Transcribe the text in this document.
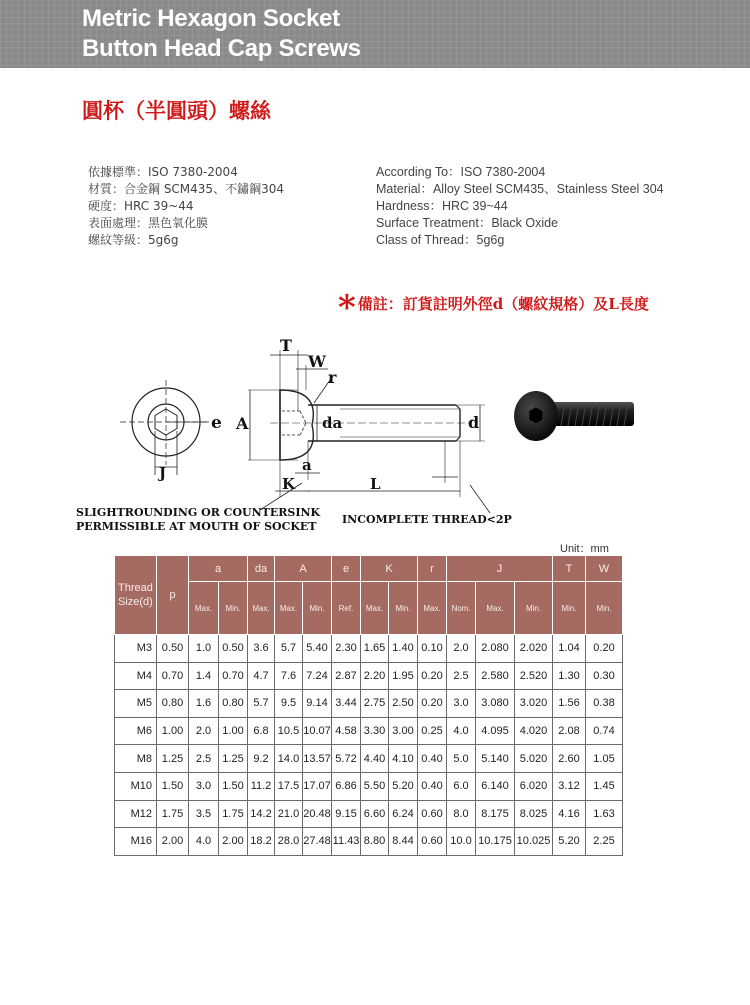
Metric Hexagon Socket
Button Head Cap Screws
圓杯（半圓頭）螺絲
依據標準：ISO 7380-2004
材質：合金鋼 SCM435、不鏽鋼304
硬度：HRC 39~44
表面處理：黑色氧化膜
螺紋等級：5g6g
According To：ISO 7380-2004
Material：Alloy Steel SCM435、Stainless Steel 304
Hardness：HRC 39~44
Surface Treatment：Black Oxide
Class of Thread：5g6g
* 備註：訂貨註明外徑d（螺紋規格）及L長度
e
J
A
T
W
r
da	d
a
K	L
SLIGHTROUNDING OR COUNTERSINK
PERMISSIBLE AT MOUTH OF SOCKET
INCOMPLETE THREAD<2P
Unit：mm
Thread Size(d)	p	a		da	A		e	K		r	J			T	W
		Max.	Min.	Max.	Max.	Min.	Ref.	Max.	Min.	Max.	Nom.	Max.	Min.	Min.	Min.
M3	0.50	1.0	0.50	3.6	5.7	5.40	2.30	1.65	1.40	0.10	2.0	2.080	2.020	1.04	0.20
M4	0.70	1.4	0.70	4.7	7.6	7.24	2.87	2.20	1.95	0.20	2.5	2.580	2.520	1.30	0.30
M5	0.80	1.6	0.80	5.7	9.5	9.14	3.44	2.75	2.50	0.20	3.0	3.080	3.020	1.56	0.38
M6	1.00	2.0	1.00	6.8	10.5	10.07	4.58	3.30	3.00	0.25	4.0	4.095	4.020	2.08	0.74
M8	1.25	2.5	1.25	9.2	14.0	13.57	5.72	4.40	4.10	0.40	5.0	5.140	5.020	2.60	1.05
M10	1.50	3.0	1.50	11.2	17.5	17.07	6.86	5.50	5.20	0.40	6.0	6.140	6.020	3.12	1.45
M12	1.75	3.5	1.75	14.2	21.0	20.48	9.15	6.60	6.24	0.60	8.0	8.175	8.025	4.16	1.63
M16	2.00	4.0	2.00	18.2	28.0	27.48	11.43	8.80	8.44	0.60	10.0	10.175	10.025	5.20	2.25
